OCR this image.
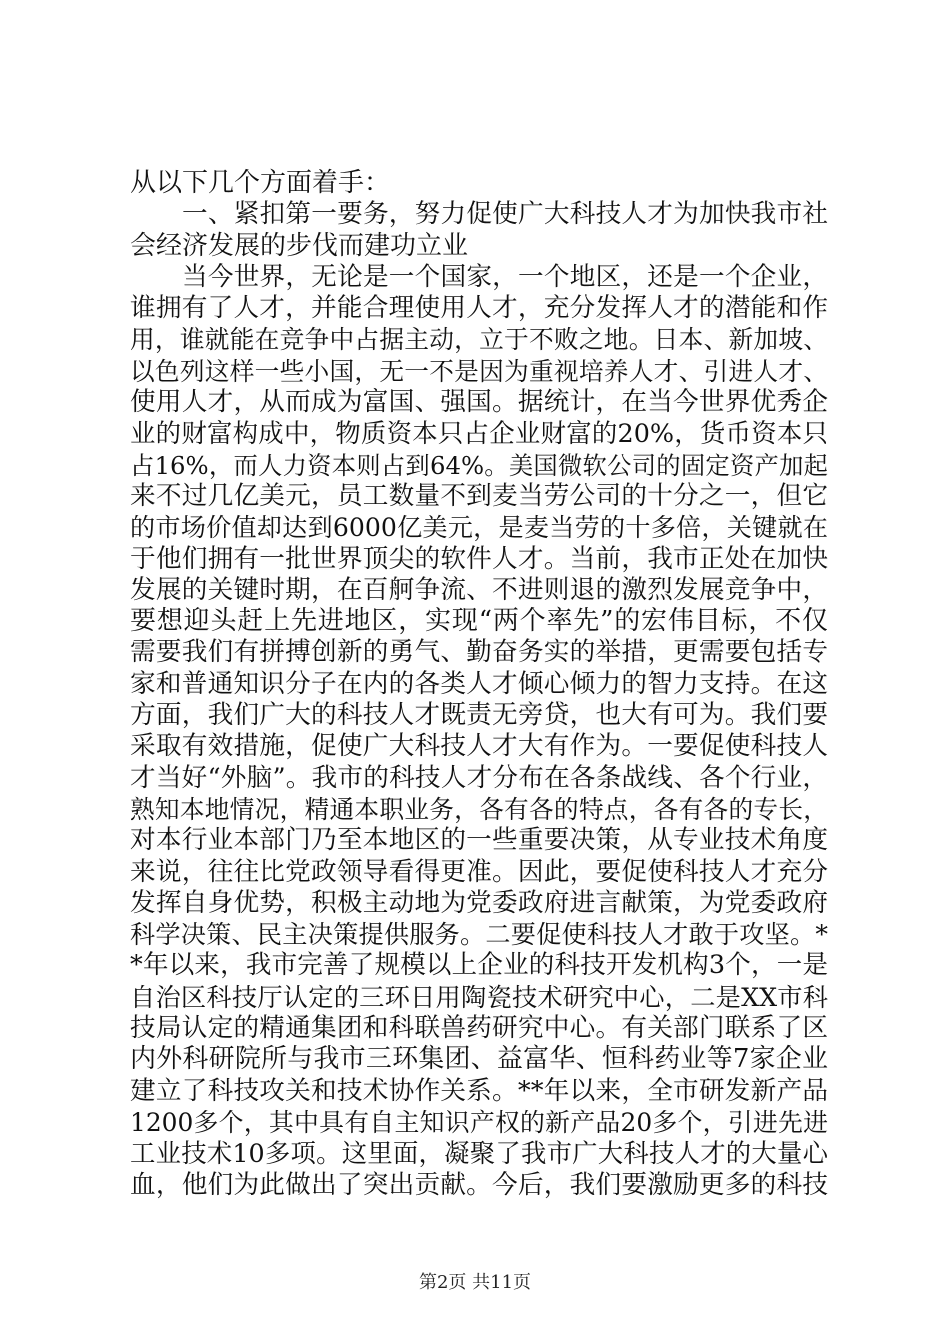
从以下几个方面着手：
一、紧扣第一要务，努力促使广大科技人才为加快我市社
会经济发展的步伐而建功立业
当今世界，无论是一个国家，一个地区，还是一个企业，
谁拥有了人才，并能合理使用人才，充分发挥人才的潜能和作
用，谁就能在竞争中占据主动，立于不败之地。日本、新加坡、
以色列这样一些小国，无一不是因为重视培养人才、引进人才、
使用人才，从而成为富国、强国。据统计，在当今世界优秀企
业的财富构成中，物质资本只占企业财富的20%，货币资本只
占16%，而人力资本则占到64%。美国微软公司的固定资产加起
来不过几亿美元，员工数量不到麦当劳公司的十分之一，但它
的市场价值却达到6000亿美元，是麦当劳的十多倍，关键就在
于他们拥有一批世界顶尖的软件人才。当前，我市正处在加快
发展的关键时期，在百舸争流、不进则退的激烈发展竞争中，
要想迎头赶上先进地区，实现“两个率先”的宏伟目标，不仅
需要我们有拼搏创新的勇气、勤奋务实的举措，更需要包括专
家和普通知识分子在内的各类人才倾心倾力的智力支持。在这
方面，我们广大的科技人才既责无旁贷，也大有可为。我们要
采取有效措施，促使广大科技人才大有作为。一要促使科技人
才当好“外脑”。我市的科技人才分布在各条战线、各个行业，
熟知本地情况，精通本职业务，各有各的特点，各有各的专长，
对本行业本部门乃至本地区的一些重要决策，从专业技术角度
来说，往往比党政领导看得更准。因此，要促使科技人才充分
发挥自身优势，积极主动地为党委政府进言献策，为党委政府
科学决策、民主决策提供服务。二要促使科技人才敢于攻坚。*
*年以来，我市完善了规模以上企业的科技开发机构3个，一是
自治区科技厅认定的三环日用陶瓷技术研究中心，二是XX市科
技局认定的精通集团和科联兽药研究中心。有关部门联系了区
内外科研院所与我市三环集团、益富华、恒科药业等7家企业
建立了科技攻关和技术协作关系。**年以来，全市研发新产品
1200多个，其中具有自主知识产权的新产品20多个，引进先进
工业技术10多项。这里面，凝聚了我市广大科技人才的大量心
血，他们为此做出了突出贡献。今后，我们要激励更多的科技
第2页 共11页
